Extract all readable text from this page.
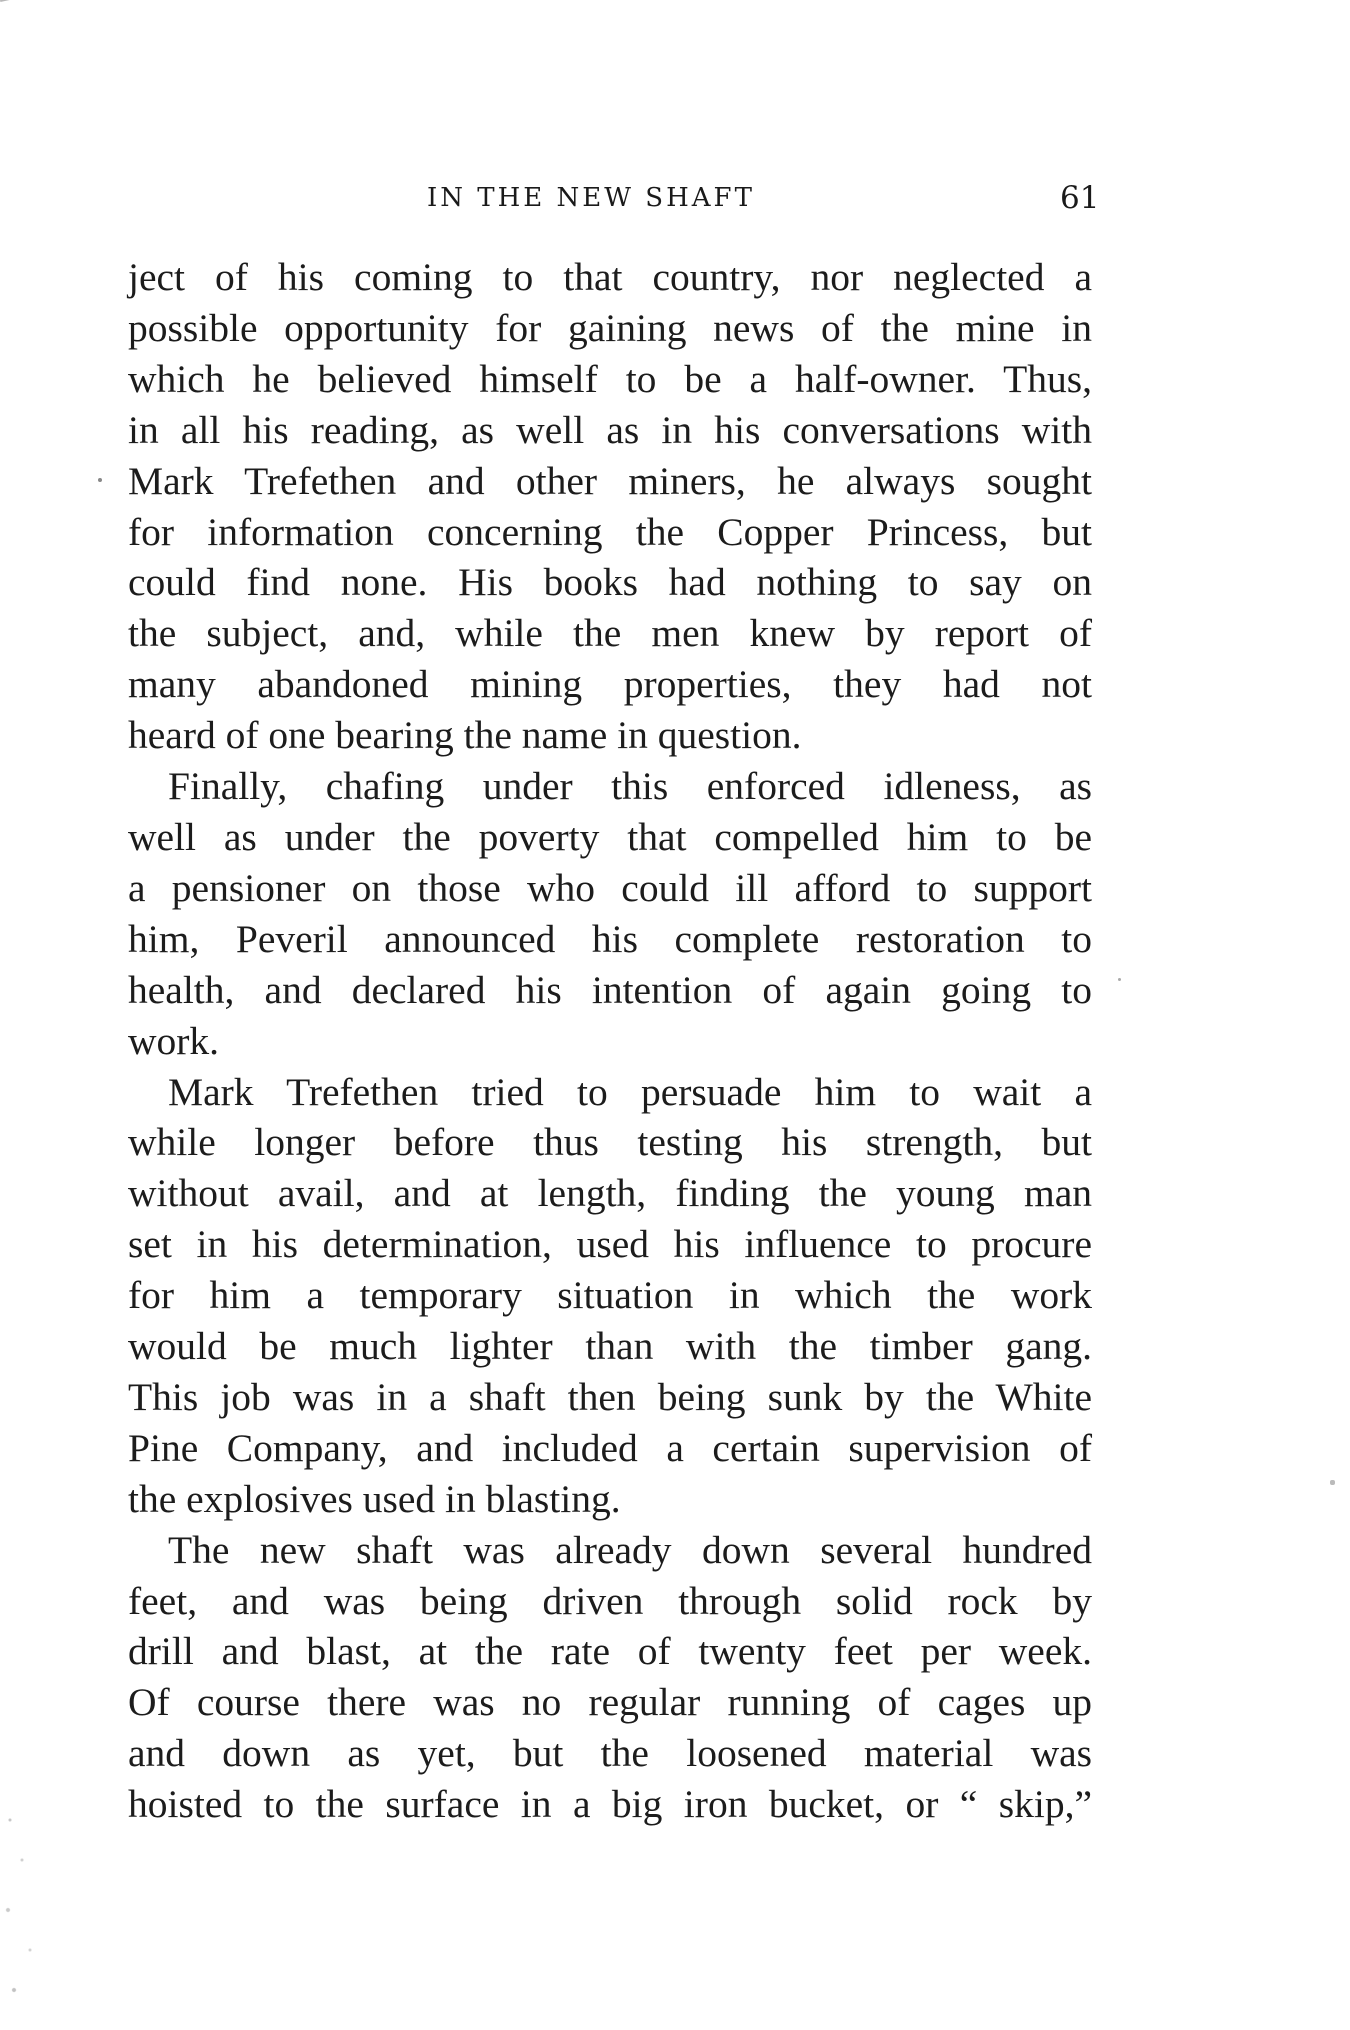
IN THE NEW SHAFT	61
ject of his coming to that country, nor neglected a
possible opportunity for gaining news of the mine in
which he believed himself to be a half-owner. Thus,
in all his reading, as well as in his conversations with
Mark Trefethen and other miners, he always sought
for information concerning the Copper Princess, but
could find none. His books had nothing to say on
the subject, and, while the men knew by report of
many abandoned mining properties, they had not
heard of one bearing the name in question.
Finally, chafing under this enforced idleness, as
well as under the poverty that compelled him to be
a pensioner on those who could ill afford to support
him, Peveril announced his complete restoration to
health, and declared his intention of again going to
work.
Mark Trefethen tried to persuade him to wait a
while longer before thus testing his strength, but
without avail, and at length, finding the young man
set in his determination, used his influence to procure
for him a temporary situation in which the work
would be much lighter than with the timber gang.
This job was in a shaft then being sunk by the White
Pine Company, and included a certain supervision of
the explosives used in blasting.
The new shaft was already down several hundred
feet, and was being driven through solid rock by
drill and blast, at the rate of twenty feet per week.
Of course there was no regular running of cages up
and down as yet, but the loosened material was
hoisted to the surface in a big iron bucket, or “ skip,”
